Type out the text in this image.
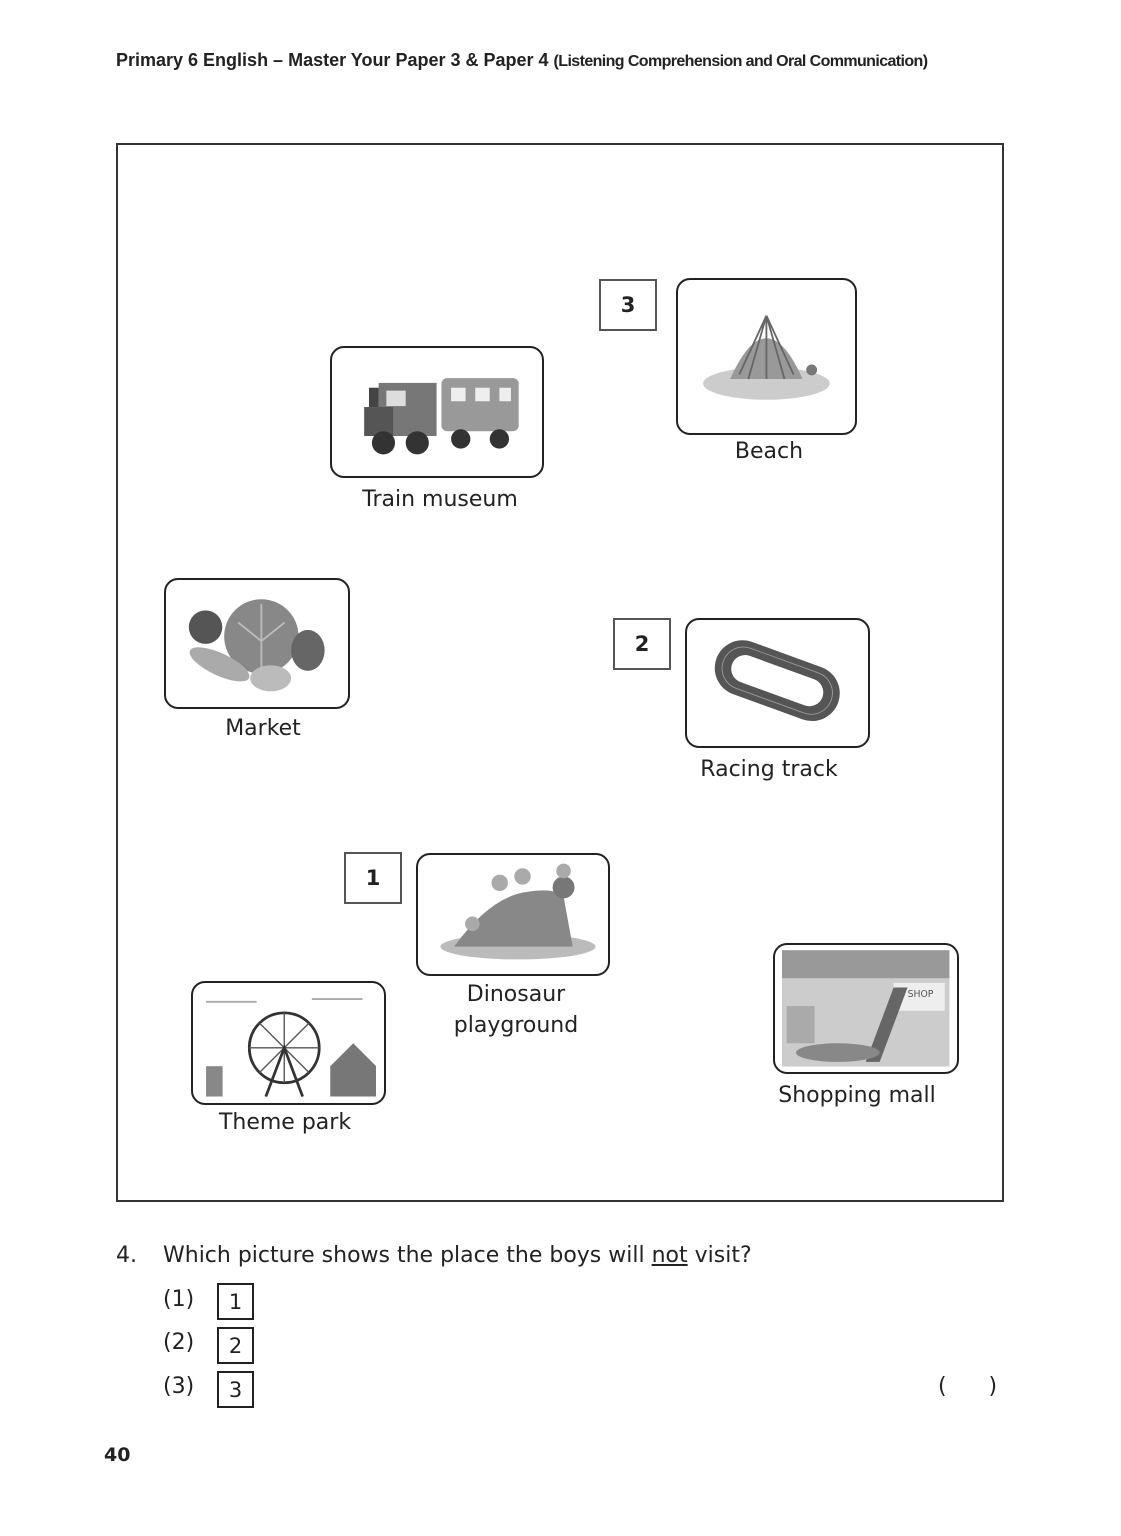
Primary 6 English – Master Your Paper 3 & Paper 4 (Listening Comprehension and Oral Communication)
Train museum
3
Beach
Market
2
Racing track
1
Dinosaur
playground
Theme park
SHOP
Shopping mall
4. Which picture shows the place the boys will not visit?
(1)	1
(2)	2
(3)	3	(      )
40
